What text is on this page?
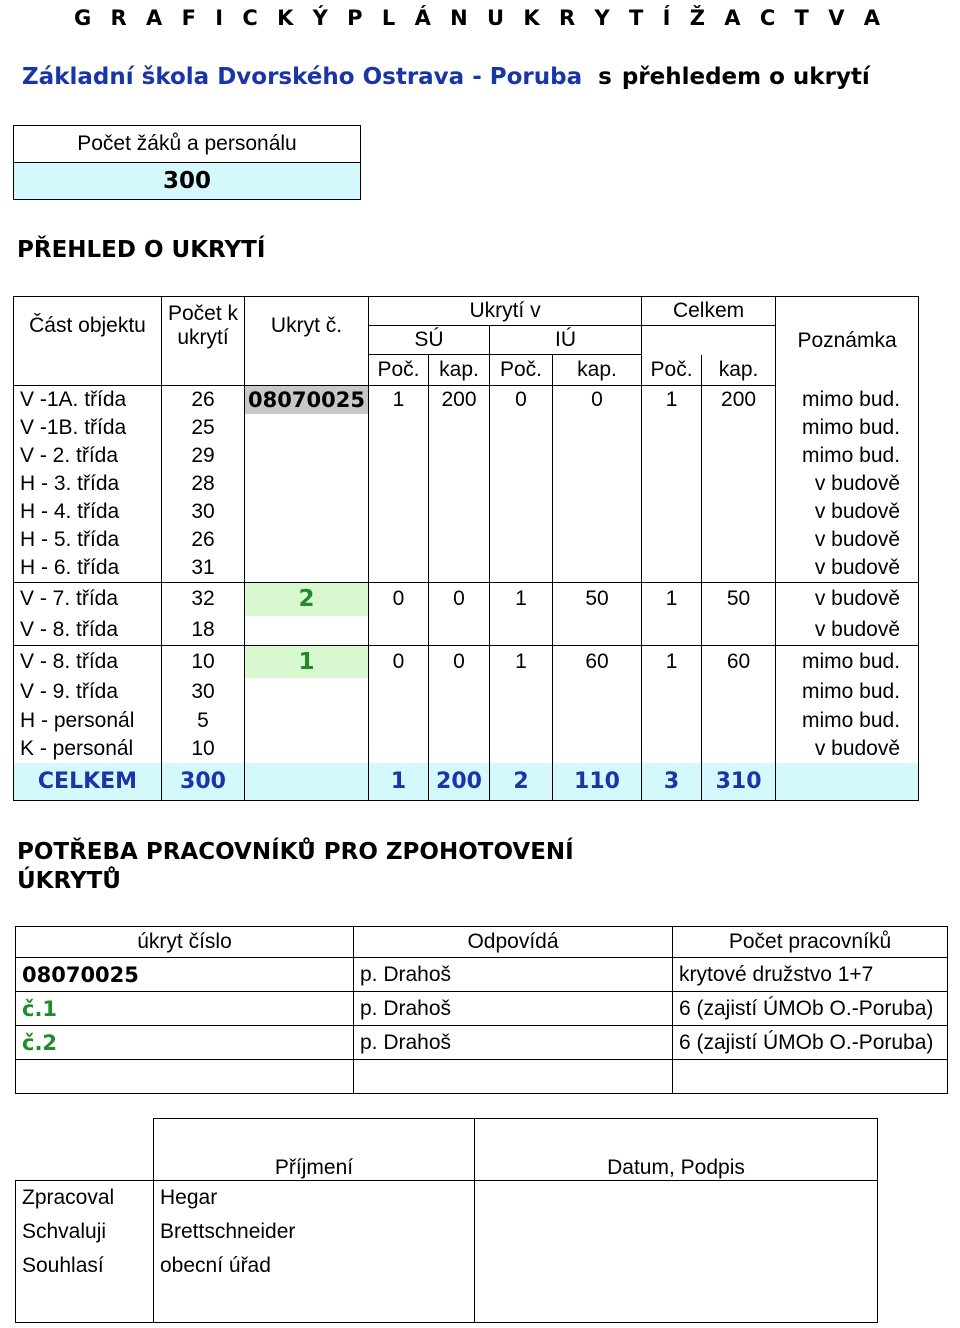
G R A F I C K Ý P L Á N U K R Y T Í Ž A C T V A
Základní škola Dvorského Ostrava - Poruba s přehledem o ukrytí
Počet žáků a personálu
300
PŘEHLED O UKRYTÍ
Část objektu	Počet k ukrytí	Ukryt č.	Ukrytí v				Celkem		Poznámka
			SÚ		IÚ				
			Poč.	kap.	Poč.	kap.	Poč.	kap.	
V -1A. třída	26	08070025	1	200	0	0	1	200	mimo bud.
V -1B. třída	25								mimo bud.
V - 2. třída	29								mimo bud.
H - 3. třída	28								v budově
H - 4. třída	30								v budově
H - 5. třída	26								v budově
H - 6. třída	31								v budově
V - 7. třída	32	2	0	0	1	50	1	50	v budově
V - 8. třída	18								v budově
V - 8. třída	10	1	0	0	1	60	1	60	mimo bud.
V - 9. třída	30								mimo bud.
H - personál	5								mimo bud.
K - personál	10								v budově
CELKEM	300		1	200	2	110	3	310	
POTŘEBA PRACOVNÍKŮ PRO ZPOHOTOVENÍ
ÚKRYTŮ
úkryt číslo	Odpovídá	Počet pracovníků
08070025	p. Drahoš	krytové družstvo 1+7
č.1	p. Drahoš	6 (zajistí ÚMOb O.-Poruba)
č.2	p. Drahoš	6 (zajistí ÚMOb O.-Poruba)

	Příjmení	Datum, Podpis
Zpracoval	Hegar	
Schvaluji	Brettschneider	
Souhlasí	obecní úřad	
